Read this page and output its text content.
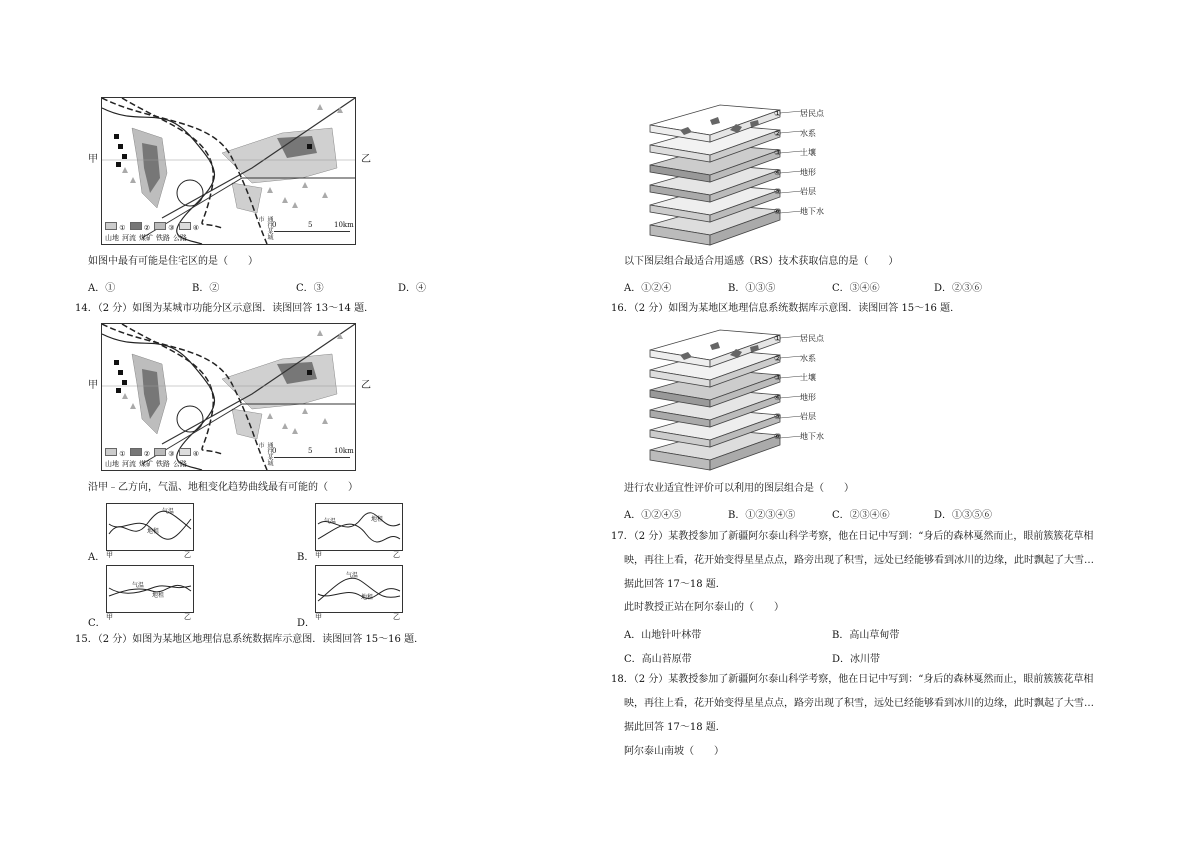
①	②	③	④
山地 河流 煤矿 铁路 公路
0	5	10km
通往某城市
甲	乙
如图中最有可能是住宅区的是（　　）
A．①	B．②	C．③	D．④
14．（2 分）如图为某城市功能分区示意图．读图回答 13～14 题．
①	②	③	④
山地 河流 煤矿 铁路 公路
0	5	10km
通往某城市
甲	乙
沿甲﹣乙方向，气温、地租变化趋势曲线最有可能的（　　）
气温
地租
A． 甲	乙
气温	地租
B． 甲	乙
气温
地租
C．
甲	乙
气温
地租
D．
甲	乙
15．（2 分）如图为某地区地理信息系统数据库示意图．读图回答 15～16 题．
① 居民点
② 水系
③ 土壤
④ 地形
⑤ 岩层
⑥ 地下水
以下图层组合最适合用遥感（RS）技术获取信息的是（　　）
A．①②④	B．①③⑤	C．③④⑥	D．②③⑥
16．（2 分）如图为某地区地理信息系统数据库示意图．读图回答 15～16 题．
① 居民点
② 水系
③ 土壤
④ 地形
⑤ 岩层
⑥ 地下水
进行农业适宜性评价可以利用的图层组合是（　　）
A．①②④⑤	B．①②③④⑤	C．②③④⑥	D．①③⑤⑥
17．（2 分）某教授参加了新疆阿尔泰山科学考察，他在日记中写到：“身后的森林戛然而止，眼前簇簇花草相
映，再往上看，花开始变得星星点点，路旁出现了积雪，远处已经能够看到冰川的边缘，此时飘起了大雪…
据此回答 17～18 题．
此时教授正站在阿尔泰山的（　　）
A．山地针叶林带	B．高山草甸带
C．高山苔原带	D．冰川带
18．（2 分）某教授参加了新疆阿尔泰山科学考察，他在日记中写到：“身后的森林戛然而止，眼前簇簇花草相
映，再往上看，花开始变得星星点点，路旁出现了积雪，远处已经能够看到冰川的边缘，此时飘起了大雪…
据此回答 17～18 题．
阿尔泰山南坡（　　）
